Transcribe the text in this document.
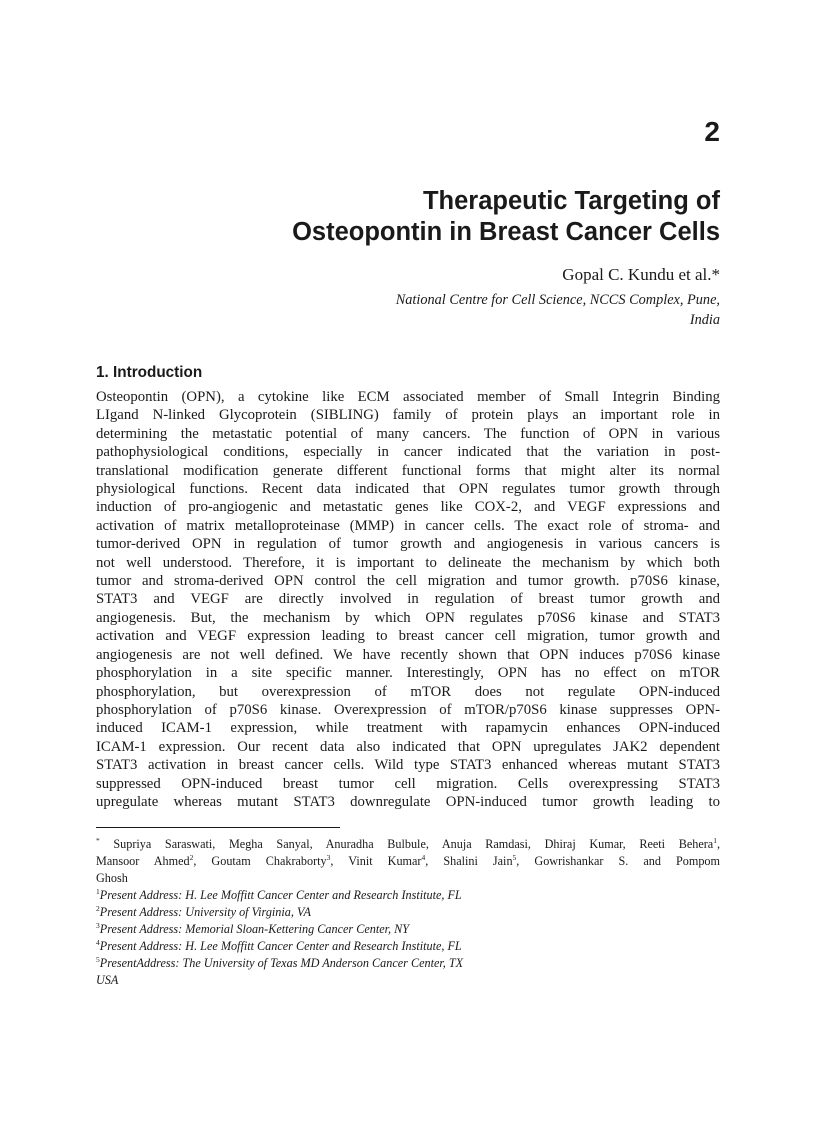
2
Therapeutic Targeting of
Osteopontin in Breast Cancer Cells
Gopal C. Kundu et al.*
National Centre for Cell Science, NCCS Complex, Pune,
India
1. Introduction
Osteopontin (OPN), a cytokine like ECM associated member of Small Integrin Binding
LIgand N-linked Glycoprotein (SIBLING) family of protein plays an important role in
determining the metastatic potential of many cancers. The function of OPN in various
pathophysiological conditions, especially in cancer indicated that the variation in post-
translational modification generate different functional forms that might alter its normal
physiological functions. Recent data indicated that OPN regulates tumor growth through
induction of pro-angiogenic and metastatic genes like COX-2, and VEGF expressions and
activation of matrix metalloproteinase (MMP) in cancer cells. The exact role of stroma- and
tumor-derived OPN in regulation of tumor growth and angiogenesis in various cancers is
not well understood. Therefore, it is important to delineate the mechanism by which both
tumor and stroma-derived OPN control the cell migration and tumor growth. p70S6 kinase,
STAT3 and VEGF are directly involved in regulation of breast tumor growth and
angiogenesis. But, the mechanism by which OPN regulates p70S6 kinase and STAT3
activation and VEGF expression leading to breast cancer cell migration, tumor growth and
angiogenesis are not well defined. We have recently shown that OPN induces p70S6 kinase
phosphorylation in a site specific manner. Interestingly, OPN has no effect on mTOR
phosphorylation, but overexpression of mTOR does not regulate OPN-induced
phosphorylation of p70S6 kinase. Overexpression of mTOR/p70S6 kinase suppresses OPN-
induced ICAM-1 expression, while treatment with rapamycin enhances OPN-induced
ICAM-1 expression. Our recent data also indicated that OPN upregulates JAK2 dependent
STAT3 activation in breast cancer cells. Wild type STAT3 enhanced whereas mutant STAT3
suppressed OPN-induced breast tumor cell migration. Cells overexpressing STAT3
upregulate whereas mutant STAT3 downregulate OPN-induced tumor growth leading to
* Supriya Saraswati, Megha Sanyal, Anuradha Bulbule, Anuja Ramdasi, Dhiraj Kumar, Reeti Behera$^1$,
Mansoor Ahmed$^2$, Goutam Chakraborty$^3$, Vinit Kumar$^4$, Shalini Jain$^5$, Gowrishankar S. and Pompom
Ghosh
$^1$Present Address: H. Lee Moffitt Cancer Center and Research Institute, FL
$^2$Present Address: University of Virginia, VA
$^3$Present Address: Memorial Sloan-Kettering Cancer Center, NY
$^4$Present Address: H. Lee Moffitt Cancer Center and Research Institute, FL
$^5$PresentAddress: The University of Texas MD Anderson Cancer Center, TX
USA
